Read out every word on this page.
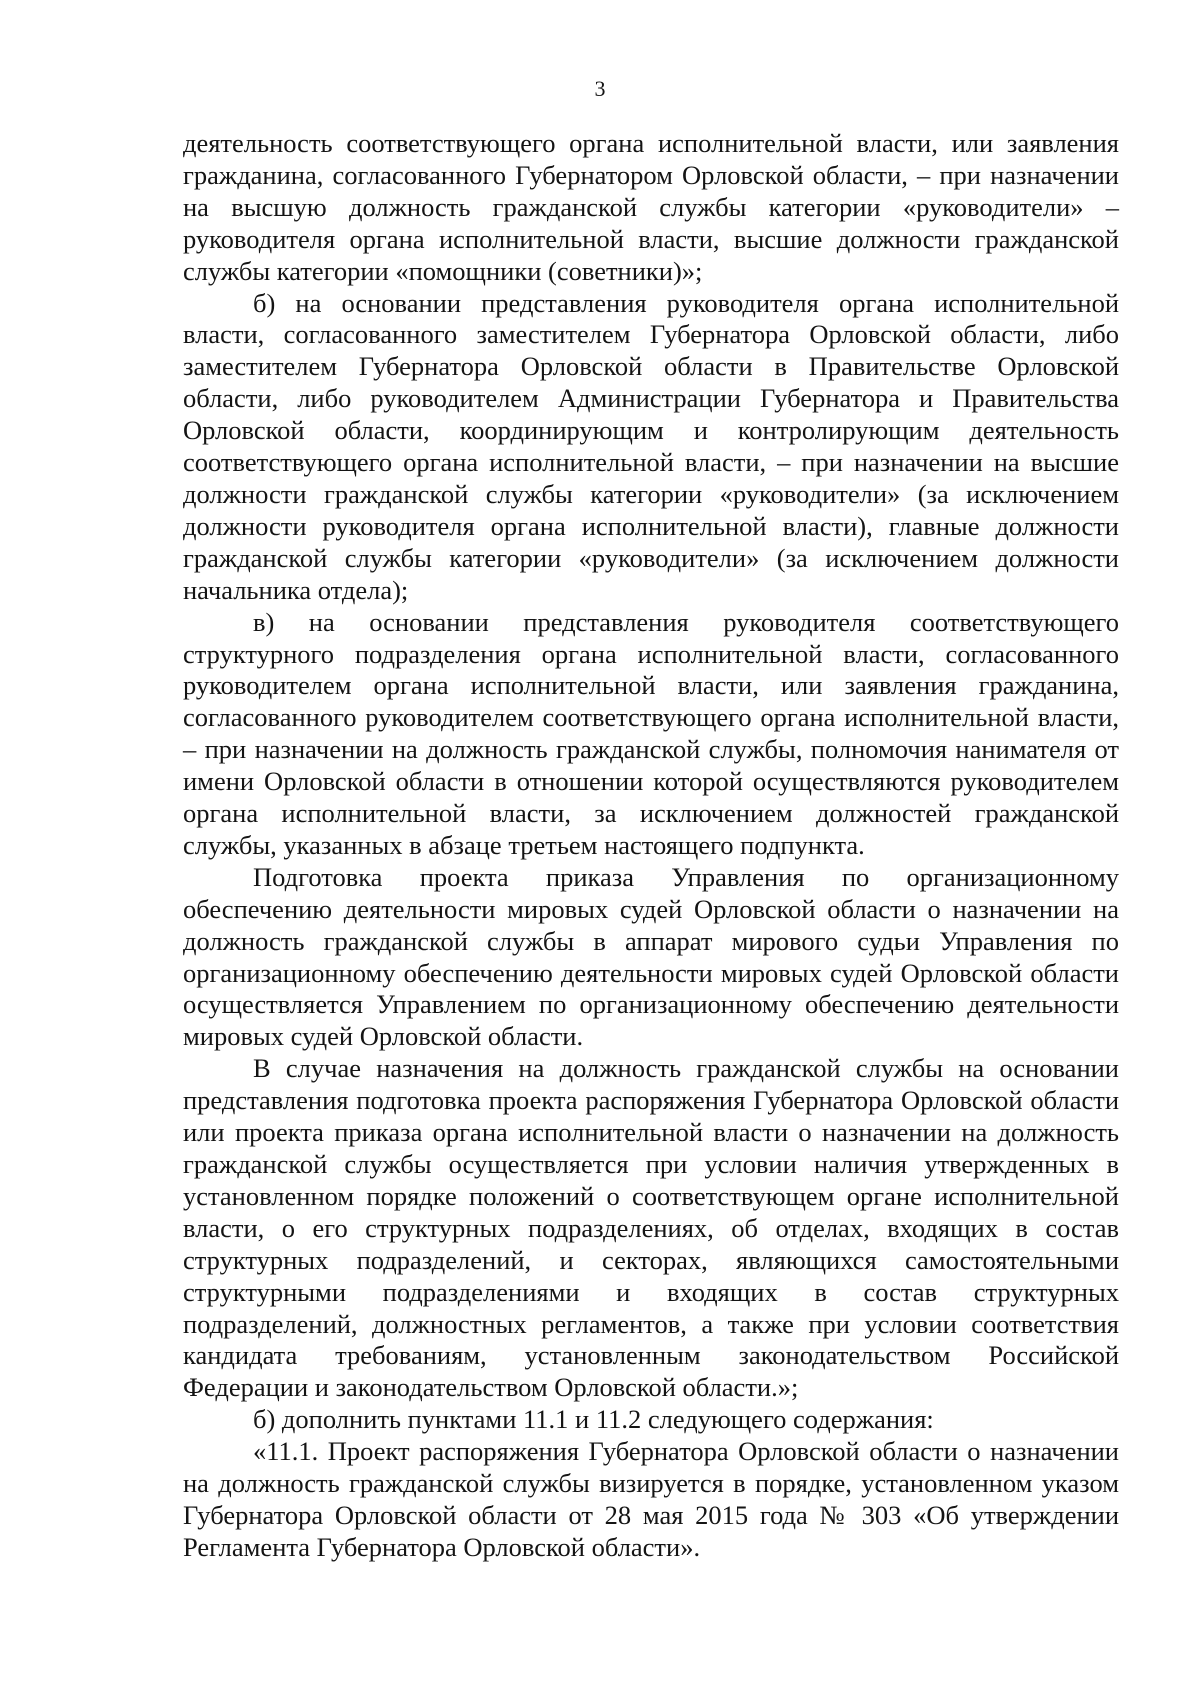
3

деятельность соответствующего органа исполнительной власти, или заявления гражданина, согласованного Губернатором Орловской области, – при назначении на высшую должность гражданской службы категории «руководители» – руководителя органа исполнительной власти, высшие должности гражданской службы категории «помощники (советники)»;

б) на основании представления руководителя органа исполнительной власти, согласованного заместителем Губернатора Орловской области, либо заместителем Губернатора Орловской области в Правительстве Орловской области, либо руководителем Администрации Губернатора и Правительства Орловской области, координирующим и контролирующим деятельность соответствующего органа исполнительной власти, – при назначении на высшие должности гражданской службы категории «руководители» (за исключением должности руководителя органа исполнительной власти), главные должности гражданской службы категории «руководители» (за исключением должности начальника отдела);

в) на основании представления руководителя соответствующего структурного подразделения органа исполнительной власти, согласованного руководителем органа исполнительной власти, или заявления гражданина, согласованного руководителем соответствующего органа исполнительной власти, – при назначении на должность гражданской службы, полномочия нанимателя от имени Орловской области в отношении которой осуществляются руководителем органа исполнительной власти, за исключением должностей гражданской службы, указанных в абзаце третьем настоящего подпункта.

Подготовка проекта приказа Управления по организационному обеспечению деятельности мировых судей Орловской области о назначении на должность гражданской службы в аппарат мирового судьи Управления по организационному обеспечению деятельности мировых судей Орловской области осуществляется Управлением по организационному обеспечению деятельности мировых судей Орловской области.

В случае назначения на должность гражданской службы на основании представления подготовка проекта распоряжения Губернатора Орловской области или проекта приказа органа исполнительной власти о назначении на должность гражданской службы осуществляется при условии наличия утвержденных в установленном порядке положений о соответствующем органе исполнительной власти, о его структурных подразделениях, об отделах, входящих в состав структурных подразделений, и секторах, являющихся самостоятельными структурными подразделениями и входящих в состав структурных подразделений, должностных регламентов, а также при условии соответствия кандидата требованиям, установленным законодательством Российской Федерации и законодательством Орловской области.»;

б) дополнить пунктами 11.1 и 11.2 следующего содержания:

«11.1. Проект распоряжения Губернатора Орловской области о назначении на должность гражданской службы визируется в порядке, установленном указом Губернатора Орловской области от 28 мая 2015 года № 303 «Об утверждении Регламента Губернатора Орловской области».
